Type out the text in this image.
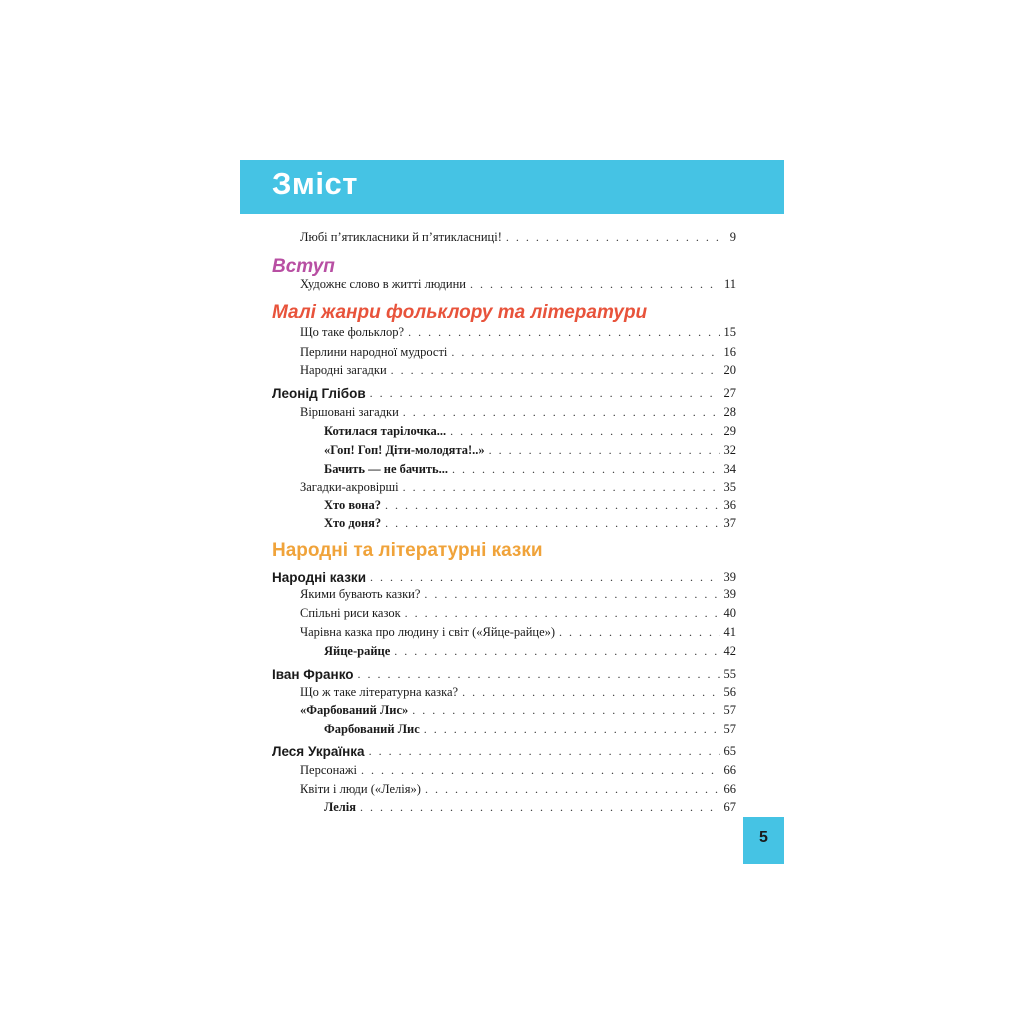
Зміст
Любі п’ятикласники й п’ятикласниці! . . .	9
Вступ
Художнє слово в житті людини . . .	11
Малі жанри фольклору та літератури
Що таке фольклор? . . .	15
Перлини народної мудрості . . .	16
Народні загадки . . .	20
Леонід Глібов . . .	27
Віршовані загадки . . .	28
Котилася тарілочка... . . .	29
«Гоп! Гоп! Діти-молодята!..» . . .	32
Бачить — не бачить... . . .	34
Загадки-акровірші . . .	35
Хто вона? . . .	36
Хто доня? . . .	37
Народні та літературні казки
Народні казки . . .	39
Якими бувають казки? . . .	39
Спільні риси казок . . .	40
Чарівна казка про людину і світ («Яйце-райце») . . .	41
Яйце-райце . . .	42
Іван Франко . . .	55
Що ж таке літературна казка? . . .	56
«Фарбований Лис» . . .	57
Фарбований Лис . . .	57
Леся Українка . . .	65
Персонажі . . .	66
Квіти і люди («Лелія») . . .	66
Лелія . . .	67
5
